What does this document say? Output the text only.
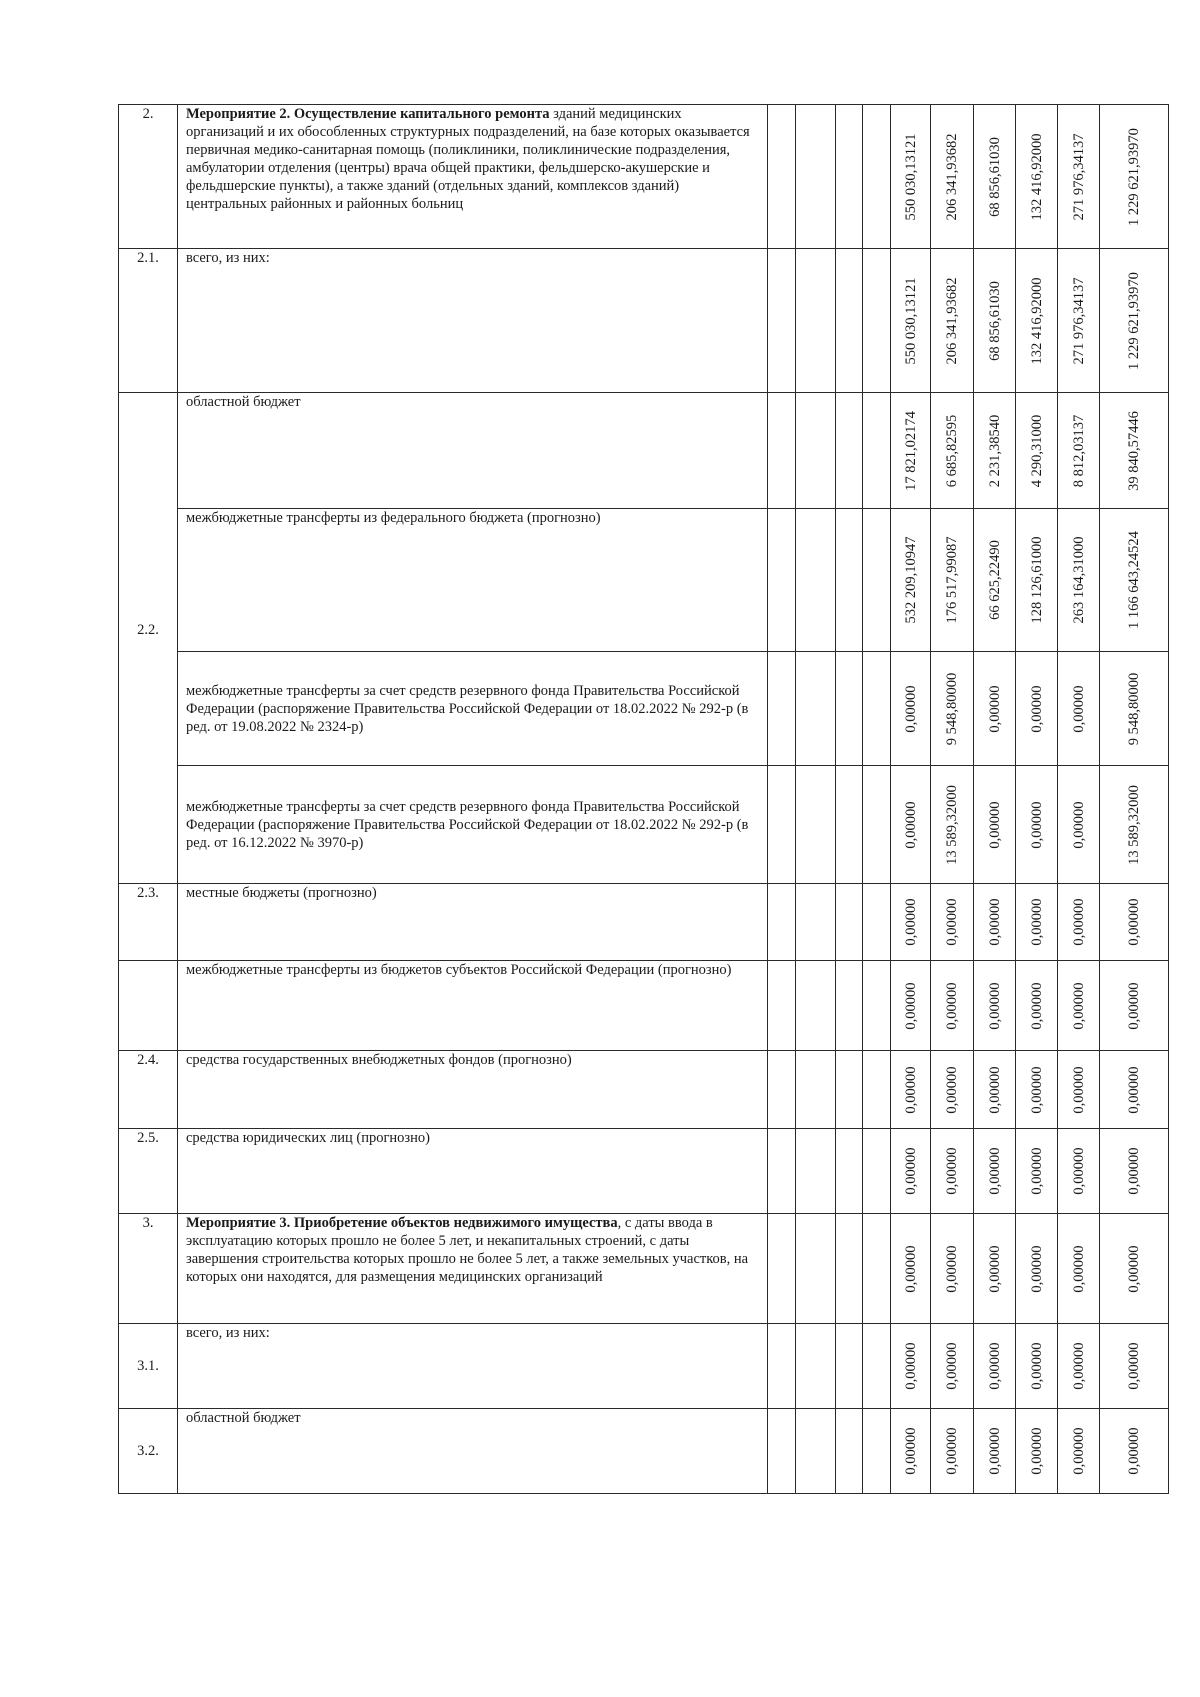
2.	Мероприятие 2. Осуществление капитального ремонта зданий медицинских организаций и их обособленных структурных подразделений, на базе которых оказывается первичная медико-санитарная помощь (поликлиники, поликлинические подразделения, амбулатории отделения (центры) врача общей практики, фельдшерско-акушерские и фельдшерские пункты), а также зданий (отдельных зданий, комплексов зданий) центральных районных и районных больниц					550 030,13121	206 341,93682	68 856,61030	132 416,92000	271 976,34137	1 229 621,93970

2.1.	всего, из них:					550 030,13121	206 341,93682	68 856,61030	132 416,92000	271 976,34137	1 229 621,93970

2.2.	областной бюджет					17 821,02174	6 685,82595	2 231,38540	4 290,31000	8 812,03137	39 840,57446

	межбюджетные трансферты из федерального бюджета (прогнозно)					532 209,10947	176 517,99087	66 625,22490	128 126,61000	263 164,31000	1 166 643,24524

	межбюджетные трансферты за счет средств резервного фонда Правительства Российской Федерации (распоряжение Правительства Российской Федерации от 18.02.2022 № 292-р (в ред. от 19.08.2022 № 2324-р)					0,00000	9 548,80000	0,00000	0,00000	0,00000	9 548,80000

	межбюджетные трансферты за счет средств резервного фонда Правительства Российской Федерации (распоряжение Правительства Российской Федерации от 18.02.2022 № 292-р (в ред. от 16.12.2022 № 3970-р)					0,00000	13 589,32000	0,00000	0,00000	0,00000	13 589,32000

2.3.	местные бюджеты (прогнозно)					0,00000	0,00000	0,00000	0,00000	0,00000	0,00000

	межбюджетные трансферты из бюджетов субъектов Российской Федерации (прогнозно)					0,00000	0,00000	0,00000	0,00000	0,00000	0,00000

2.4.	средства государственных внебюджетных фондов (прогнозно)					0,00000	0,00000	0,00000	0,00000	0,00000	0,00000

2.5.	средства юридических лиц (прогнозно)					0,00000	0,00000	0,00000	0,00000	0,00000	0,00000

3.	Мероприятие 3. Приобретение объектов недвижимого имущества, с даты ввода в эксплуатацию которых прошло не более 5 лет, и некапитальных строений, с даты завершения строительства которых прошло не более 5 лет, а также земельных участков, на которых они находятся, для размещения медицинских организаций					0,00000	0,00000	0,00000	0,00000	0,00000	0,00000

3.1.	всего, из них:					0,00000	0,00000	0,00000	0,00000	0,00000	0,00000

3.2.	областной бюджет					0,00000	0,00000	0,00000	0,00000	0,00000	0,00000
